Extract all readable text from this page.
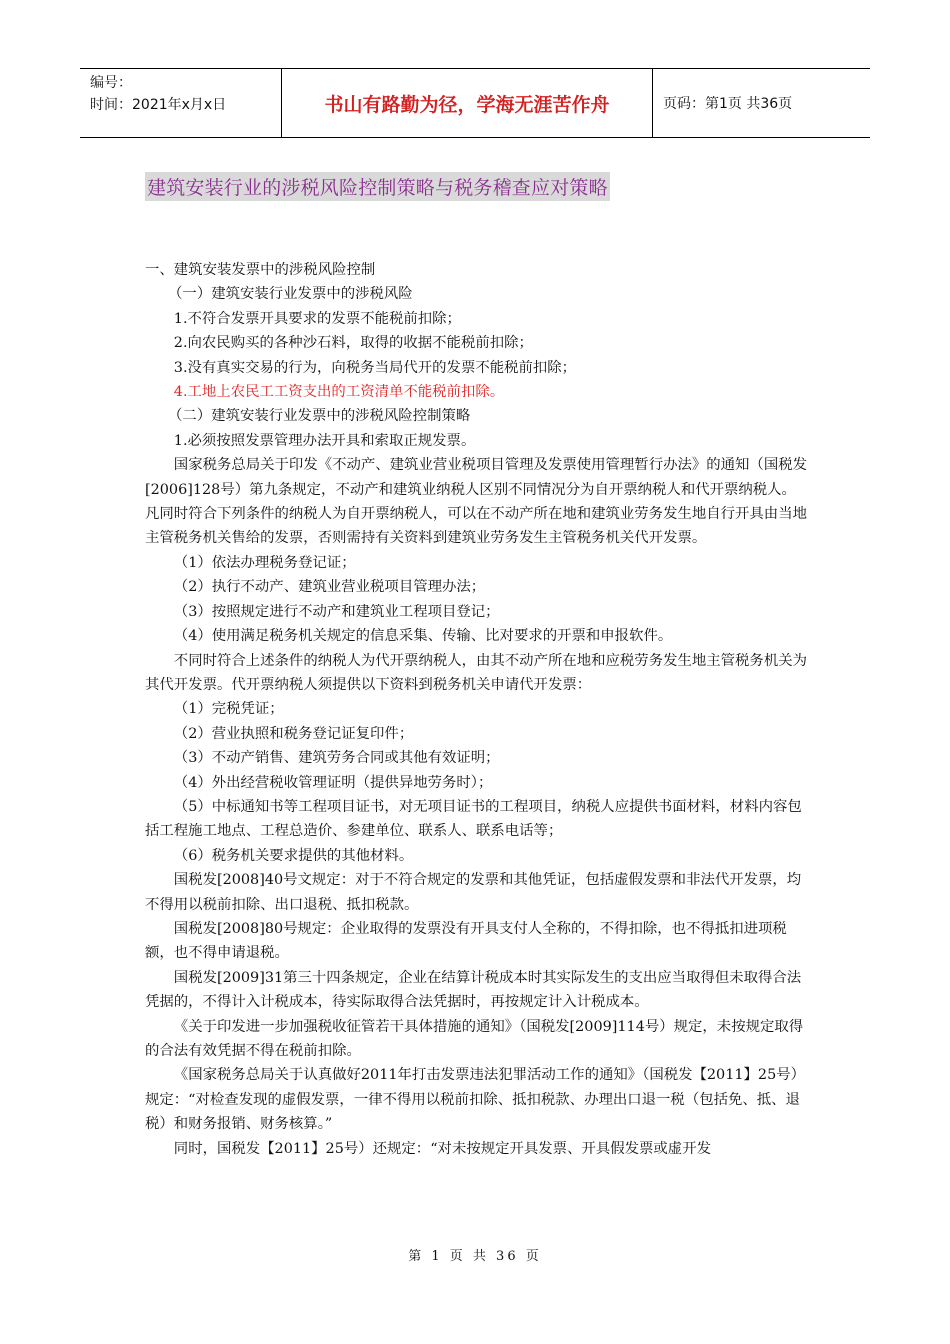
编号：
时间：2021年x月x日	书山有路勤为径，学海无涯苦作舟	页码：第1页 共36页
建筑安装行业的涉税风险控制策略与税务稽查应对策略

一、建筑安装发票中的涉税风险控制

（一）建筑安装行业发票中的涉税风险

1.不符合发票开具要求的发票不能税前扣除；

2.向农民购买的各种沙石料，取得的收据不能税前扣除；

3.没有真实交易的行为，向税务当局代开的发票不能税前扣除；

4.工地上农民工工资支出的工资清单不能税前扣除。

（二）建筑安装行业发票中的涉税风险控制策略

1.必须按照发票管理办法开具和索取正规发票。

国家税务总局关于印发《不动产、建筑业营业税项目管理及发票使用管理暂行办法》的通知（国税发[2006]128号）第九条规定，不动产和建筑业纳税人区别不同情况分为自开票纳税人和代开票纳税人。凡同时符合下列条件的纳税人为自开票纳税人，可以在不动产所在地和建筑业劳务发生地自行开具由当地主管税务机关售给的发票，否则需持有关资料到建筑业劳务发生主管税务机关代开发票。

（1）依法办理税务登记证；

（2）执行不动产、建筑业营业税项目管理办法；

（3）按照规定进行不动产和建筑业工程项目登记；

（4）使用满足税务机关规定的信息采集、传输、比对要求的开票和申报软件。

不同时符合上述条件的纳税人为代开票纳税人，由其不动产所在地和应税劳务发生地主管税务机关为其代开发票。代开票纳税人须提供以下资料到税务机关申请代开发票：

（1）完税凭证；

（2）营业执照和税务登记证复印件；

（3）不动产销售、建筑劳务合同或其他有效证明；

（4）外出经营税收管理证明（提供异地劳务时）；

（5）中标通知书等工程项目证书，对无项目证书的工程项目，纳税人应提供书面材料，材料内容包括工程施工地点、工程总造价、参建单位、联系人、联系电话等；

（6）税务机关要求提供的其他材料。

国税发[2008]40号文规定：对于不符合规定的发票和其他凭证，包括虚假发票和非法代开发票，均不得用以税前扣除、出口退税、抵扣税款。

国税发[2008]80号规定：企业取得的发票没有开具支付人全称的，不得扣除，也不得抵扣进项税额，也不得申请退税。

国税发[2009]31第三十四条规定，企业在结算计税成本时其实际发生的支出应当取得但未取得合法凭据的，不得计入计税成本，待实际取得合法凭据时，再按规定计入计税成本。

《关于印发进一步加强税收征管若干具体措施的通知》（国税发[2009]114号）规定，未按规定取得的合法有效凭据不得在税前扣除。

《国家税务总局关于认真做好2011年打击发票违法犯罪活动工作的通知》（国税发【2011】25号）规定：“对检查发现的虚假发票，一律不得用以税前扣除、抵扣税款、办理出口退一税（包括免、抵、退税）和财务报销、财务核算。”

同时，国税发【2011】25号）还规定：“对未按规定开具发票、开具假发票或虚开发

第 1 页 共 36 页
